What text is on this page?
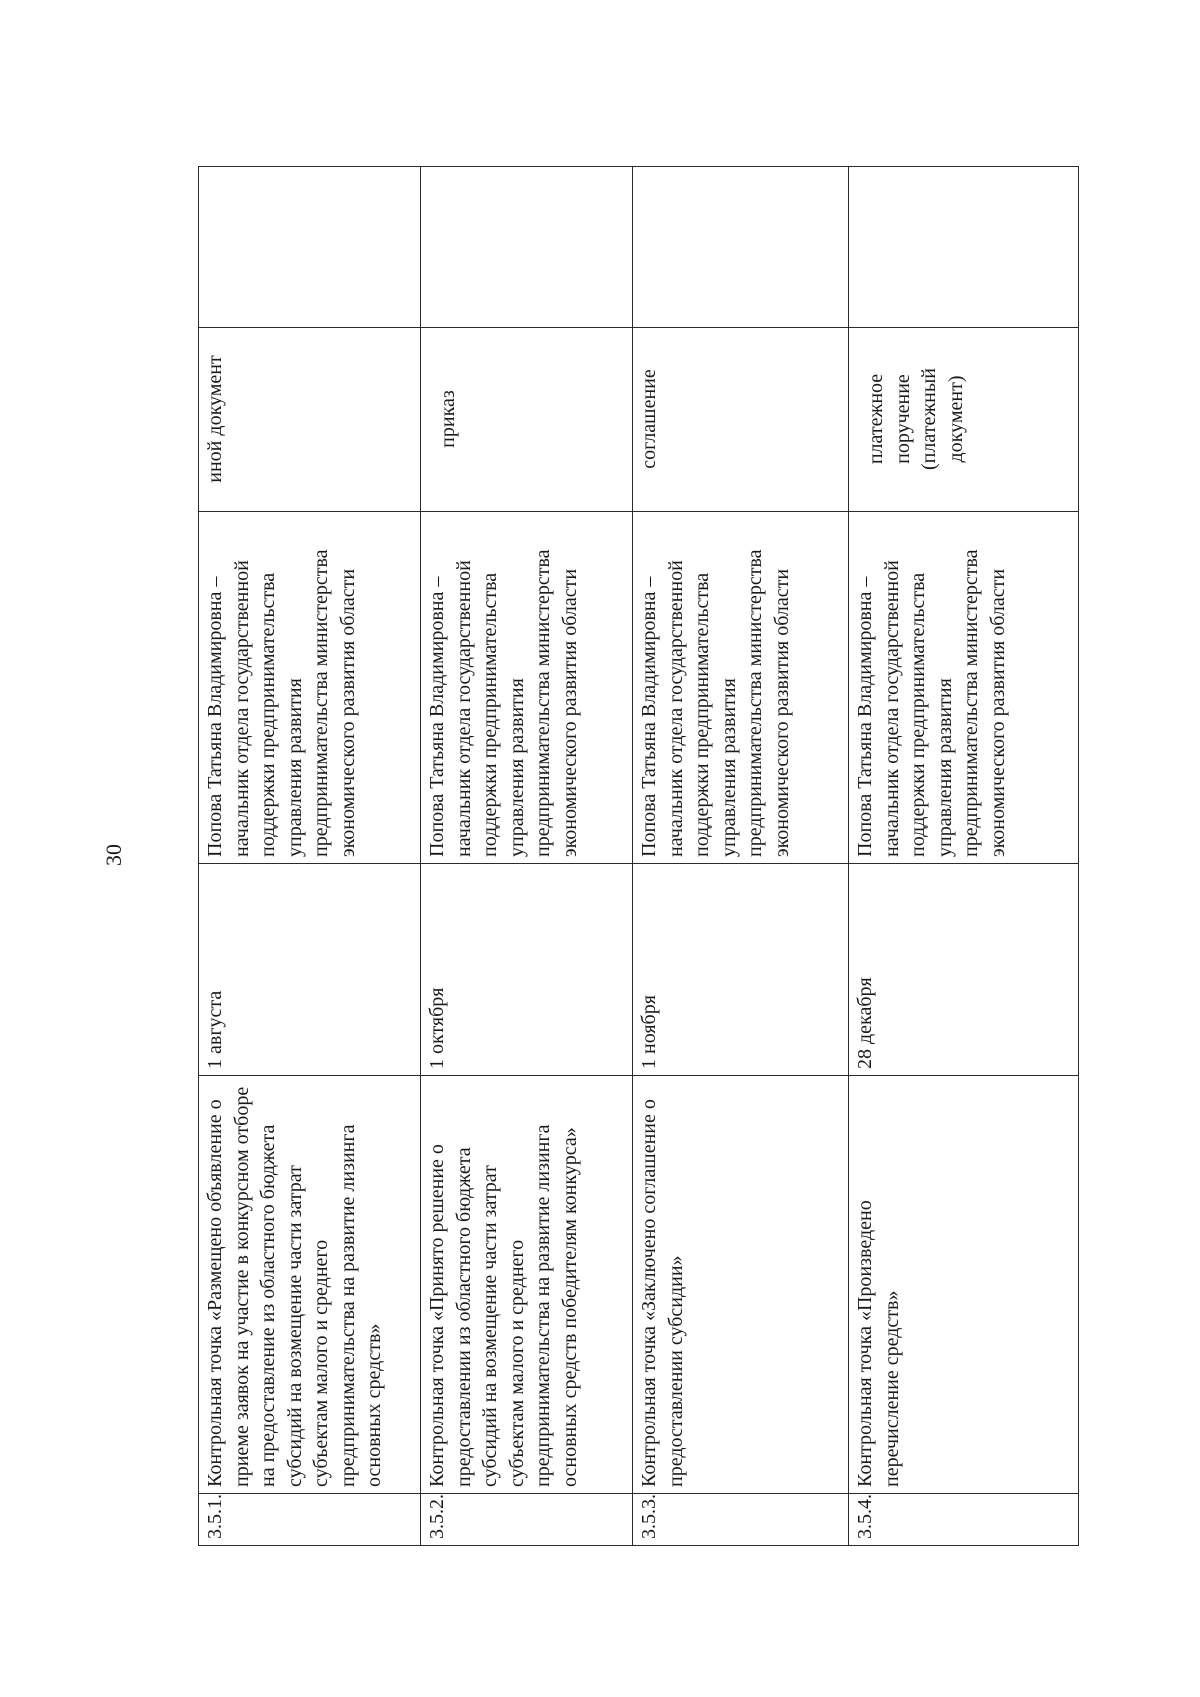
30
3.5.1.	Контрольная точка «Размещено объявление о приеме заявок на участие в конкурсном отборе на предоставление из областного бюджета субсидий на возмещение части затрат субъектам малого и среднего предпринимательства на развитие лизинга основных средств»	1 августа	Попова Татьяна Владимировна – начальник отдела государственной поддержки предпринимательства управления развития предпринимательства министерства экономического развития области	иной документ	
3.5.2.	Контрольная точка «Принято решение о предоставлении из областного бюджета субсидий на возмещение части затрат субъектам малого и среднего предпринимательства на развитие лизинга основных средств победителям конкурса»	1 октября	Попова Татьяна Владимировна – начальник отдела государственной поддержки предпринимательства управления развития предпринимательства министерства экономического развития области	приказ	
3.5.3.	Контрольная точка «Заключено соглашение о предоставлении субсидии»	1 ноября	Попова Татьяна Владимировна – начальник отдела государственной поддержки предпринимательства управления развития предпринимательства министерства экономического развития области	соглашение	
3.5.4.	Контрольная точка «Произведено перечисление средств»	28 декабря	Попова Татьяна Владимировна – начальник отдела государственной поддержки предпринимательства управления развития предпринимательства министерства экономического развития области	платежное поручение (платежный документ)	
